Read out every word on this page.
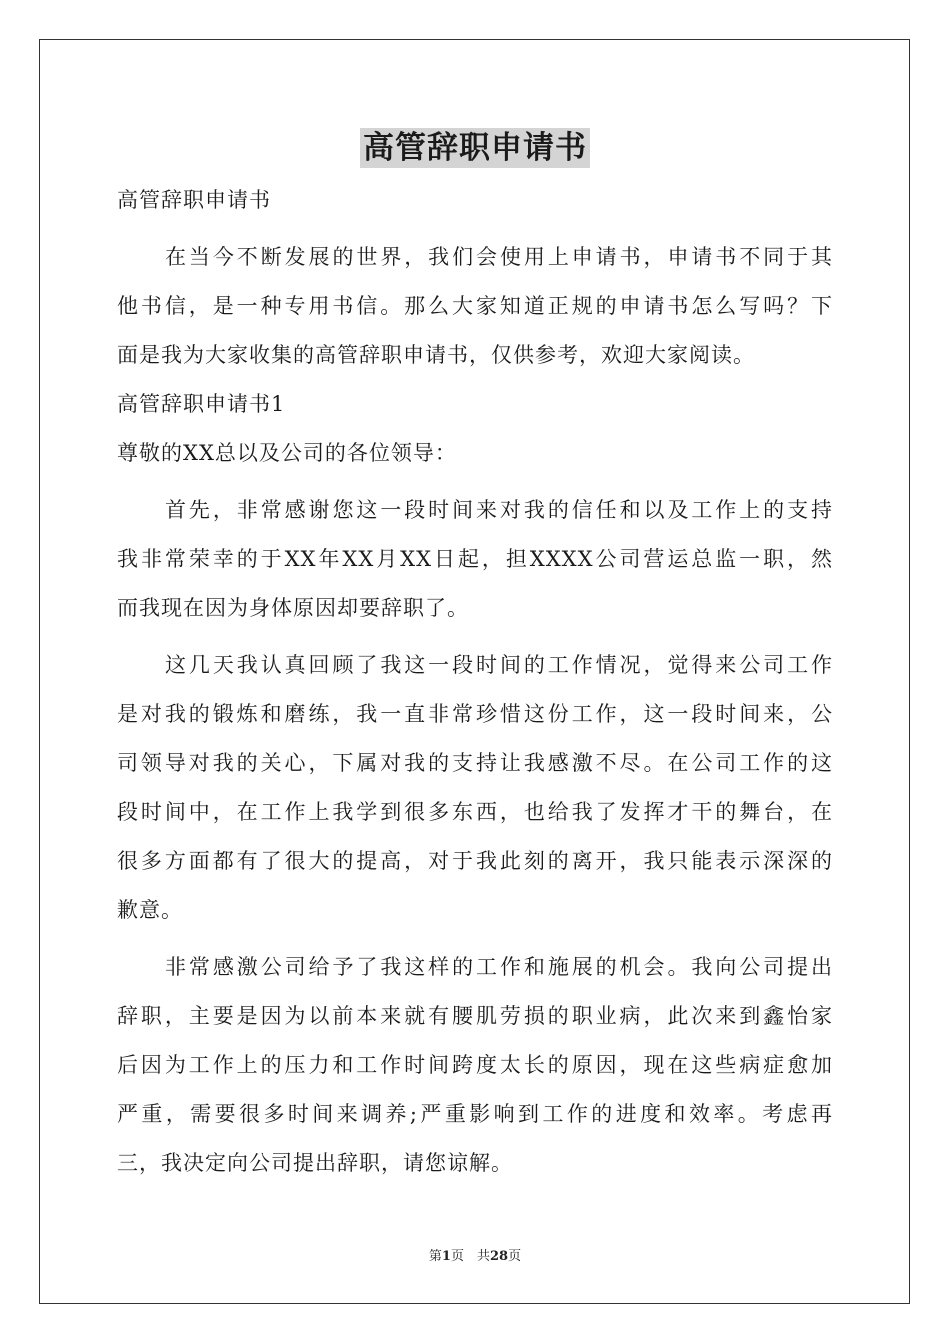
高管辞职申请书
高管辞职申请书
在当今不断发展的世界，我们会使用上申请书，申请书不同于其
他书信，是一种专用书信。那么大家知道正规的申请书怎么写吗？下
面是我为大家收集的高管辞职申请书，仅供参考，欢迎大家阅读。
高管辞职申请书1
尊敬的XX总以及公司的各位领导：
首先，非常感谢您这一段时间来对我的信任和以及工作上的支持
我非常荣幸的于XX年XX月XX日起，担XXXX公司营运总监一职，然
而我现在因为身体原因却要辞职了。
这几天我认真回顾了我这一段时间的工作情况，觉得来公司工作
是对我的锻炼和磨练，我一直非常珍惜这份工作，这一段时间来，公
司领导对我的关心，下属对我的支持让我感激不尽。在公司工作的这
段时间中，在工作上我学到很多东西，也给我了发挥才干的舞台，在
很多方面都有了很大的提高，对于我此刻的离开，我只能表示深深的
歉意。
非常感激公司给予了我这样的工作和施展的机会。我向公司提出
辞职，主要是因为以前本来就有腰肌劳损的职业病，此次来到鑫怡家
后因为工作上的压力和工作时间跨度太长的原因，现在这些病症愈加
严重，需要很多时间来调养;严重影响到工作的进度和效率。考虑再
三，我决定向公司提出辞职，请您谅解。
第1页　共28页
